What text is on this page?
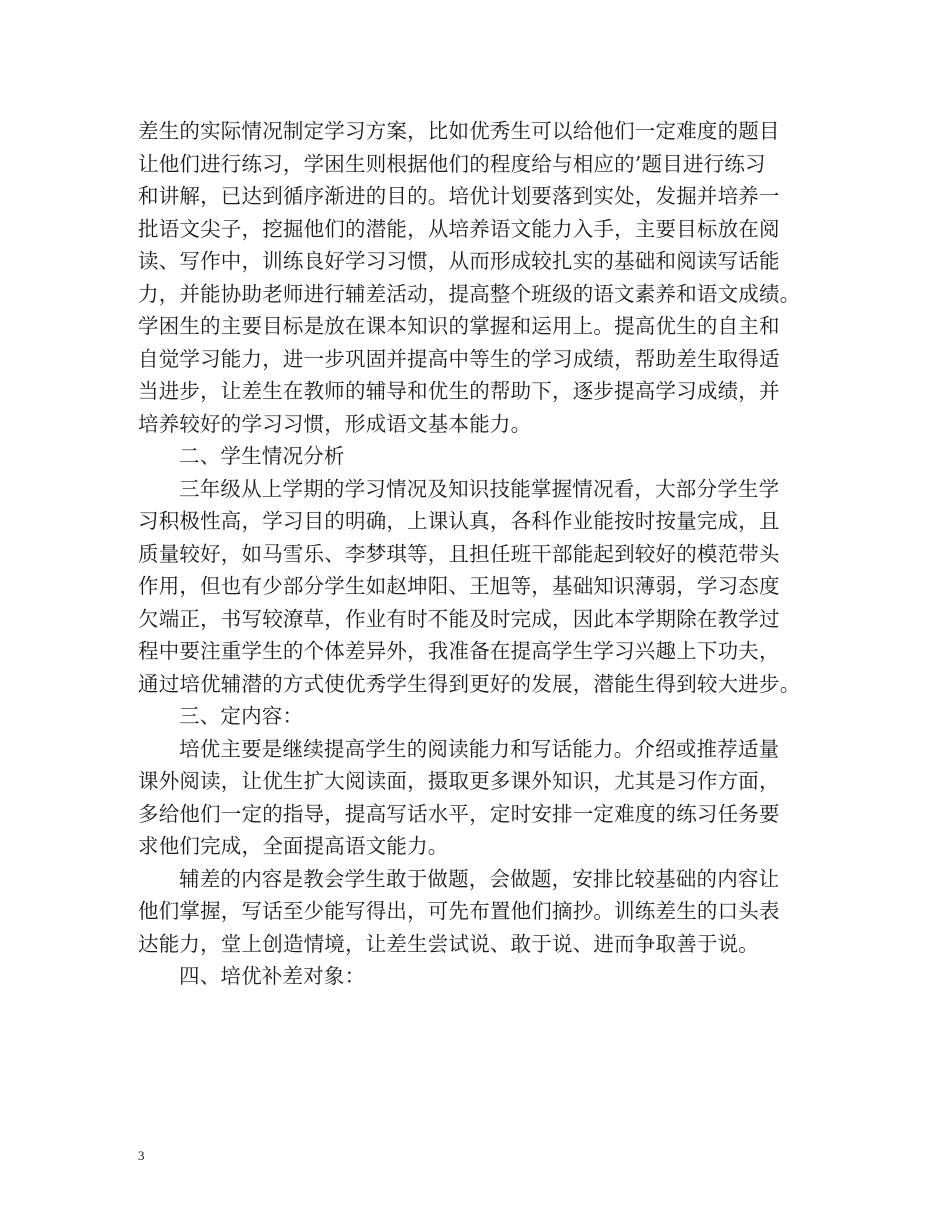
差生的实际情况制定学习方案，比如优秀生可以给他们一定难度的题目
让他们进行练习，学困生则根据他们的程度给与相应的’题目进行练习
和讲解，已达到循序渐进的目的。培优计划要落到实处，发掘并培养一
批语文尖子，挖掘他们的潜能，从培养语文能力入手，主要目标放在阅
读、写作中，训练良好学习习惯，从而形成较扎实的基础和阅读写话能
力，并能协助老师进行辅差活动，提高整个班级的语文素养和语文成绩。
学困生的主要目标是放在课本知识的掌握和运用上。提高优生的自主和
自觉学习能力，进一步巩固并提高中等生的学习成绩，帮助差生取得适
当进步，让差生在教师的辅导和优生的帮助下，逐步提高学习成绩，并
培养较好的学习习惯，形成语文基本能力。
二、学生情况分析
三年级从上学期的学习情况及知识技能掌握情况看，大部分学生学
习积极性高，学习目的明确，上课认真，各科作业能按时按量完成，且
质量较好，如马雪乐、李梦琪等，且担任班干部能起到较好的模范带头
作用，但也有少部分学生如赵坤阳、王旭等，基础知识薄弱，学习态度
欠端正，书写较潦草，作业有时不能及时完成，因此本学期除在教学过
程中要注重学生的个体差异外，我准备在提高学生学习兴趣上下功夫，
通过培优辅潜的方式使优秀学生得到更好的发展，潜能生得到较大进步。
三、定内容：
培优主要是继续提高学生的阅读能力和写话能力。介绍或推荐适量
课外阅读，让优生扩大阅读面，摄取更多课外知识，尤其是习作方面，
多给他们一定的指导，提高写话水平，定时安排一定难度的练习任务要
求他们完成，全面提高语文能力。
辅差的内容是教会学生敢于做题，会做题，安排比较基础的内容让
他们掌握，写话至少能写得出，可先布置他们摘抄。训练差生的口头表
达能力，堂上创造情境，让差生尝试说、敢于说、进而争取善于说。
四、培优补差对象：
3
